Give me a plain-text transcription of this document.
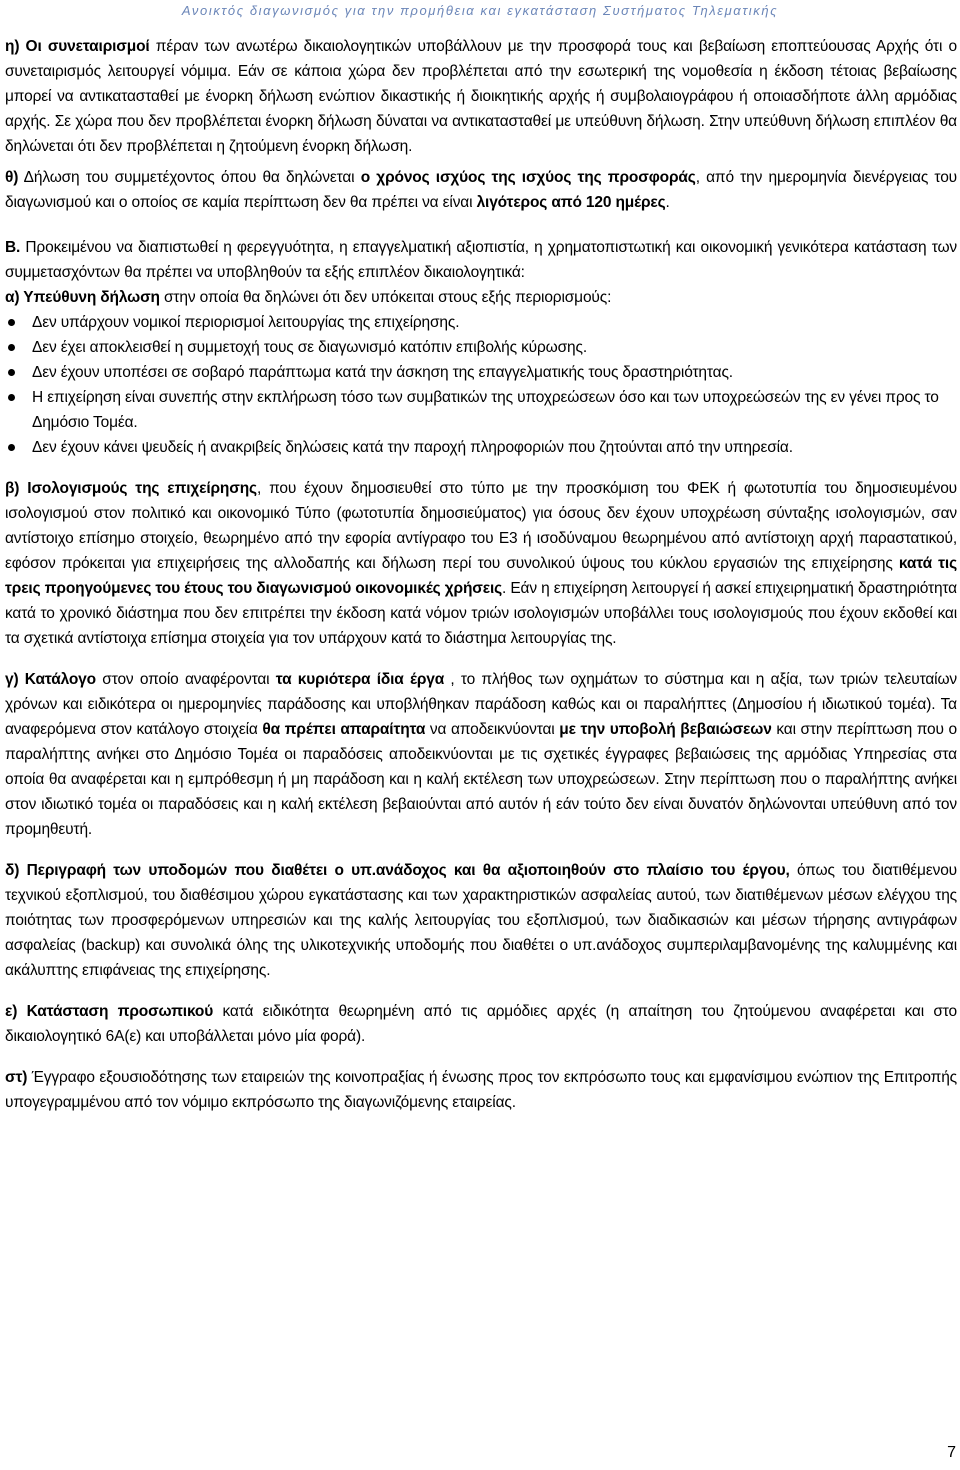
Ανοικτός διαγωνισμός για την προμήθεια και εγκατάσταση Συστήματος Τηλεματικής

η) Οι συνεταιρισμοί πέραν των ανωτέρω δικαιολογητικών υποβάλλουν με την προσφορά τους και βεβαίωση εποπτεύουσας Αρχής ότι ο συνεταιρισμός λειτουργεί νόμιμα. Εάν σε κάποια χώρα δεν προβλέπεται από την εσωτερική της νομοθεσία η έκδοση τέτοιας βεβαίωσης μπορεί να αντικατασταθεί με ένορκη δήλωση ενώπιον δικαστικής ή διοικητικής αρχής ή συμβολαιογράφου ή οποιασδήποτε άλλη αρμόδιας αρχής. Σε χώρα που δεν προβλέπεται ένορκη δήλωση δύναται να αντικατασταθεί με υπεύθυνη δήλωση. Στην υπεύθυνη δήλωση επιπλέον θα δηλώνεται ότι δεν προβλέπεται η ζητούμενη ένορκη δήλωση.

θ) Δήλωση του συμμετέχοντος όπου θα δηλώνεται ο χρόνος ισχύος της ισχύος της προσφοράς, από την ημερομηνία διενέργειας του διαγωνισμού και ο οποίος σε καμία περίπτωση δεν θα πρέπει να είναι λιγότερος από 120 ημέρες.

Β. Προκειμένου να διαπιστωθεί η φερεγγυότητα, η επαγγελματική αξιοπιστία, η χρηματοπιστωτική και οικονομική γενικότερα κατάσταση των συμμετασχόντων θα πρέπει να υποβληθούν τα εξής επιπλέον δικαιολογητικά:

α) Υπεύθυνη δήλωση στην οποία θα δηλώνει ότι δεν υπόκειται στους εξής περιορισμούς:

Δεν υπάρχουν νομικοί περιορισμοί λειτουργίας της επιχείρησης.
Δεν έχει αποκλεισθεί η συμμετοχή τους σε διαγωνισμό κατόπιν επιβολής κύρωσης.
Δεν έχουν υποπέσει σε σοβαρό παράπτωμα κατά την άσκηση της επαγγελματικής τους δραστηριότητας.
Η επιχείρηση είναι συνεπής στην εκπλήρωση τόσο των συμβατικών της υποχρεώσεων όσο και των υποχρεώσεών της εν γένει προς το Δημόσιο Τομέα.
Δεν έχουν κάνει ψευδείς ή ανακριβείς δηλώσεις κατά την παροχή πληροφοριών που ζητούνται από την υπηρεσία.

β) Ισολογισμούς της επιχείρησης, που έχουν δημοσιευθεί στο τύπο με την προσκόμιση του ΦΕΚ ή φωτοτυπία του δημοσιευμένου ισολογισμού στον πολιτικό και οικονομικό Τύπο (φωτοτυπία δημοσιεύματος) για όσους δεν έχουν υποχρέωση σύνταξης ισολογισμών, σαν αντίστοιχο επίσημο στοιχείο, θεωρημένο από την εφορία αντίγραφο του Ε3 ή ισοδύναμου θεωρημένου από αντίστοιχη αρχή παραστατικού, εφόσον πρόκειται για επιχειρήσεις της αλλοδαπής και δήλωση περί του συνολικού ύψους του κύκλου εργασιών της επιχείρησης κατά τις τρεις προηγούμενες του έτους του διαγωνισμού οικονομικές χρήσεις. Εάν η επιχείρηση λειτουργεί ή ασκεί επιχειρηματική δραστηριότητα κατά το χρονικό διάστημα που δεν επιτρέπει την έκδοση κατά νόμον τριών ισολογισμών υποβάλλει τους ισολογισμούς που έχουν εκδοθεί και τα σχετικά αντίστοιχα επίσημα στοιχεία για τον υπάρχουν κατά το διάστημα λειτουργίας της.

γ) Κατάλογο στον οποίο αναφέρονται τα κυριότερα ίδια έργα , το πλήθος των οχημάτων το σύστημα και η αξία, των τριών τελευταίων χρόνων και ειδικότερα οι ημερομηνίες παράδοσης και υποβλήθηκαν παράδοση καθώς και οι παραλήπτες (Δημοσίου ή ιδιωτικού τομέα). Τα αναφερόμενα στον κατάλογο στοιχεία θα πρέπει απαραίτητα να αποδεικνύονται με την υποβολή βεβαιώσεων και στην περίπτωση που ο παραλήπτης ανήκει στο Δημόσιο Τομέα οι παραδόσεις αποδεικνύονται με τις σχετικές έγγραφες βεβαιώσεις της αρμόδιας Υπηρεσίας στα οποία θα αναφέρεται και η εμπρόθεσμη ή μη παράδοση και η καλή εκτέλεση των υποχρεώσεων. Στην περίπτωση που ο παραλήπτης ανήκει στον ιδιωτικό τομέα οι παραδόσεις και η καλή εκτέλεση βεβαιούνται από αυτόν ή εάν τούτο δεν είναι δυνατόν δηλώνονται υπεύθυνη από τον προμηθευτή.

δ) Περιγραφή των υποδομών που διαθέτει ο υπ.ανάδοχος και θα αξιοποιηθούν στο πλαίσιο του έργου, όπως του διατιθέμενου τεχνικού εξοπλισμού, του διαθέσιμου χώρου εγκατάστασης και των χαρακτηριστικών ασφαλείας αυτού, των διατιθέμενων μέσων ελέγχου της ποιότητας των προσφερόμενων υπηρεσιών και της καλής λειτουργίας του εξοπλισμού, των διαδικασιών και μέσων τήρησης αντιγράφων ασφαλείας (backup) και συνολικά όλης της υλικοτεχνικής υποδομής που διαθέτει ο υπ.ανάδοχος συμπεριλαμβανομένης της καλυμμένης και ακάλυπτης επιφάνειας της επιχείρησης.

ε) Κατάσταση προσωπικού κατά ειδικότητα θεωρημένη από τις αρμόδιες αρχές (η απαίτηση του ζητούμενου αναφέρεται και στο δικαιολογητικό 6Α(ε) και υποβάλλεται μόνο μία φορά).

στ) Έγγραφο εξουσιοδότησης των εταιρειών της κοινοπραξίας ή ένωσης προς τον εκπρόσωπο τους και εμφανίσιμου ενώπιον της Επιτροπής υπογεγραμμένου από τον νόμιμο εκπρόσωπο της διαγωνιζόμενης εταιρείας.

7
